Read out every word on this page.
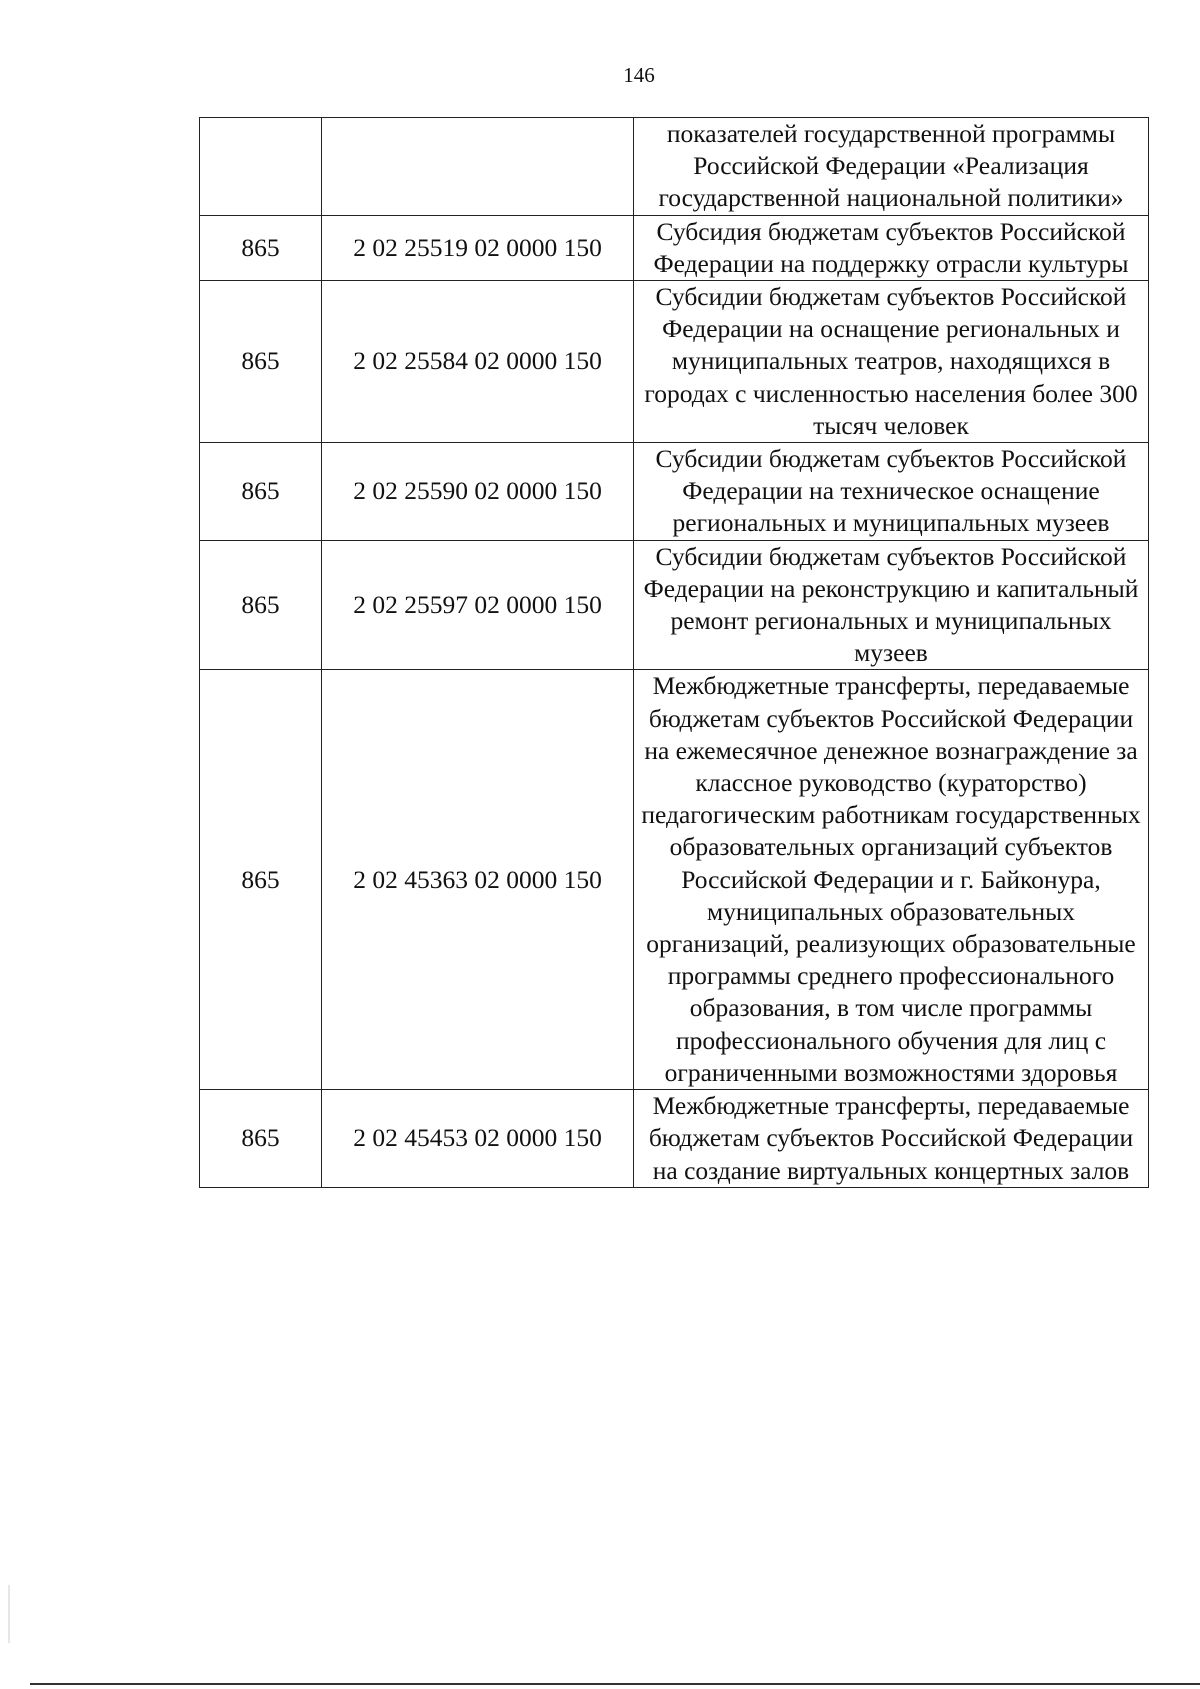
146
		показателей государственной программы Российской Федерации «Реализация государственной национальной политики»
865	2 02 25519 02 0000 150	Субсидия бюджетам субъектов Российской Федерации на поддержку отрасли культуры
865	2 02 25584 02 0000 150	Субсидии бюджетам субъектов Российской Федерации на оснащение региональных и муниципальных театров, находящихся в городах с численностью населения более 300 тысяч человек
865	2 02 25590 02 0000 150	Субсидии бюджетам субъектов Российской Федерации на техническое оснащение региональных и муниципальных музеев
865	2 02 25597 02 0000 150	Субсидии бюджетам субъектов Российской Федерации на реконструкцию и капитальный ремонт региональных и муниципальных музеев
865	2 02 45363 02 0000 150	Межбюджетные трансферты, передаваемые бюджетам субъектов Российской Федерации на ежемесячное денежное вознаграждение за классное руководство (кураторство) педагогическим работникам государственных образовательных организаций субъектов Российской Федерации и г. Байконура, муниципальных образовательных организаций, реализующих образовательные программы среднего профессионального образования, в том числе программы профессионального обучения для лиц с ограниченными возможностями здоровья
865	2 02 45453 02 0000 150	Межбюджетные трансферты, передаваемые бюджетам субъектов Российской Федерации на создание виртуальных концертных залов
